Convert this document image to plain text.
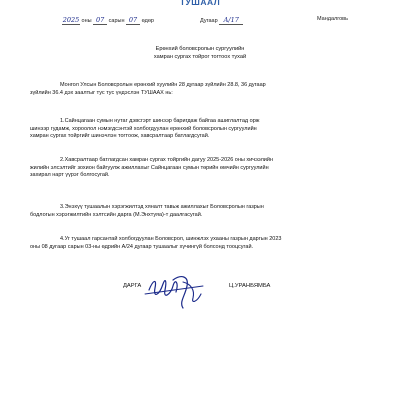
ТУШААЛ
2025 оны 07 сарын 07 өдөр	Дугаар А/17	Мандалговь
Ерөнхий боловсролын сургуулийн
хамран сургах тойрог тогтоох тухай
Монгол Улсын Боловсролын ерөнхий хуулийн 28 дугаар зүйлийн 28.8, 36 дугаар
зүйлийн 36.4 дэх заалтыг тус тус үндэслэн ТУШААХ нь:
1.Сайнцагаан сумын нутаг дэвсгэрт шинээр баригдаж байгаа ашиглалтад орж
шинээр гудамж, хороолол нэмэгдсэнтэй холбогдуулан ерөнхий боловсролын сургуулийн
хамран сургах тойргийг шинэчлэн тогтоож, хавсралтаар батлагдсугай.
2.Хавсралтаар батлагдсан хамран сургах тойргийн дагуу 2025-2026 оны хичээлийн
жилийн элсэлтийг зохион байгуулж ажиллахыг Сайнцагаан сумын төрийн өмчийн сургуулийн
захирал нарт үүрэг болгосугай.
3.Энэхүү тушаалын хэрэгжилтэд хяналт тавьж ажиллахыг Боловсролын газрын
бодлогын хэрэгжилтийн хэлтсийн дарга (М.Энхтуяа)-т даалгасугай.
4.Уг тушаал гарсантай холбогдуулан Боловсрол, шинжлэх ухааны газрын даргын 2023
оны 08 дугаар сарын 03-ны өдрийн А/24 дугаар тушаалыг хүчингүй болсонд тооцсугай.
ДАРГА	Ц.УРАНБЯМБА
